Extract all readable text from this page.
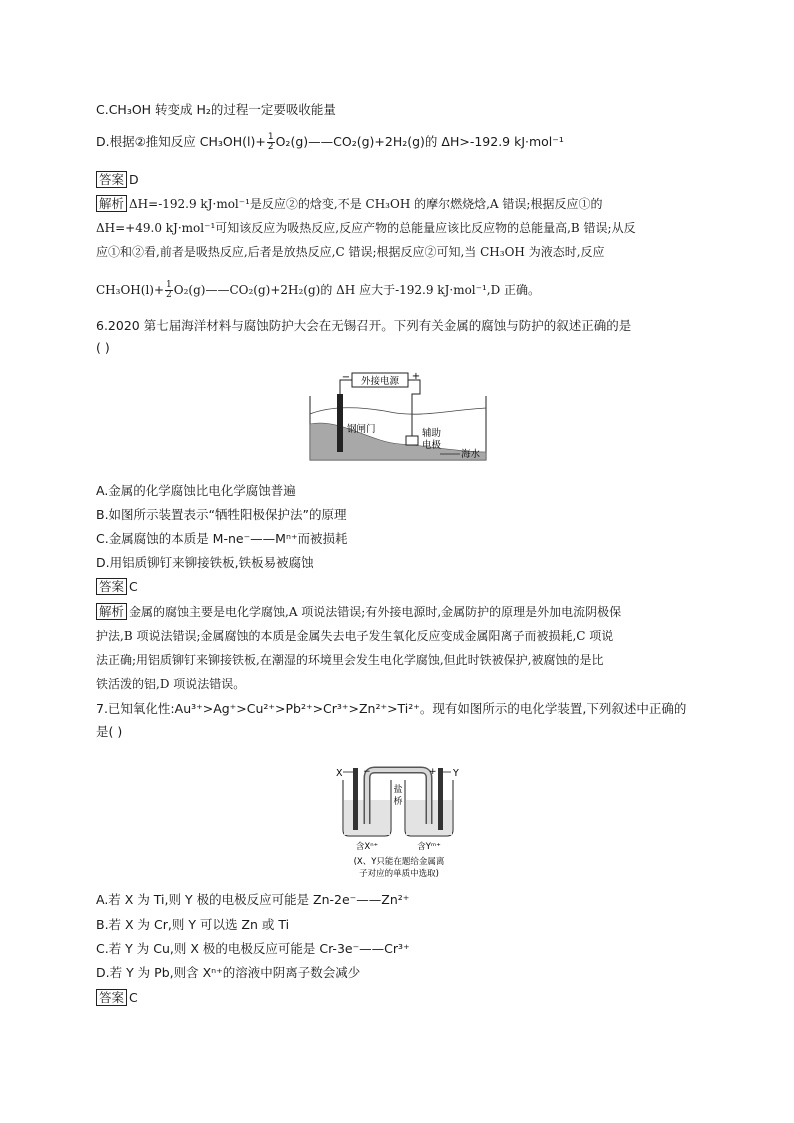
C.CH₃OH 转变成 H₂的过程一定要吸收能量
D.根据②推知反应 $CH_3OH(l)+ \frac{1}{2}$ O₂(g)——CO₂(g)+2H₂(g)的 ΔH>-192.9 kJ·mol⁻¹
答案 D
解析 ΔH=-192.9 kJ·mol⁻¹是反应②的焓变,不是 CH₃OH 的摩尔燃烧焓,A 错误;根据反应①的
ΔH=+49.0 kJ·mol⁻¹可知该反应为吸热反应,反应产物的总能量应该比反应物的总能量高,B 错误;从反
应①和②看,前者是吸热反应,后者是放热反应,C 错误;根据反应②可知,当 CH₃OH 为液态时,反应
$CH_3OH(l)+ \frac{1}{2}$ O₂(g)——CO₂(g)+2H₂(g)的 ΔH 应大于-192.9 kJ·mol⁻¹,D 正确。
6.2020 第七届海洋材料与腐蚀防护大会在无锡召开。下列有关金属的腐蚀与防护的叙述正确的是
( )
外接电源
−	+
钢闸门	辅助
电极
海水
A.金属的化学腐蚀比电化学腐蚀普遍
B.如图所示装置表示“牺牲阳极保护法”的原理
C.金属腐蚀的本质是 M-ne⁻——Mⁿ⁺而被损耗
D.用铝质铆钉来铆接铁板,铁板易被腐蚀
答案 C
解析 金属的腐蚀主要是电化学腐蚀,A 项说法错误;有外接电源时,金属防护的原理是外加电流阴极保
护法,B 项说法错误;金属腐蚀的本质是金属失去电子发生氧化反应变成金属阳离子而被损耗,C 项说
法正确;用铝质铆钉来铆接铁板,在潮湿的环境里会发生电化学腐蚀,但此时铁被保护,被腐蚀的是比
铁活泼的铝,D 项说法错误。
7.已知氧化性:Au³⁺>Ag⁺>Cu²⁺>Pb²⁺>Cr³⁺>Zn²⁺>Ti²⁺。现有如图所示的电化学装置,下列叙述中正确的
是( )
盐
桥
X	Y
−	+
含Xⁿ⁺	含Yᵐ⁺
(X、Y只能在题给金属离
子对应的单质中选取)
A.若 X 为 Ti,则 Y 极的电极反应可能是 Zn-2e⁻——Zn²⁺
B.若 X 为 Cr,则 Y 可以选 Zn 或 Ti
C.若 Y 为 Cu,则 X 极的电极反应可能是 Cr-3e⁻——Cr³⁺
D.若 Y 为 Pb,则含 Xⁿ⁺的溶液中阴离子数会减少
答案 C
